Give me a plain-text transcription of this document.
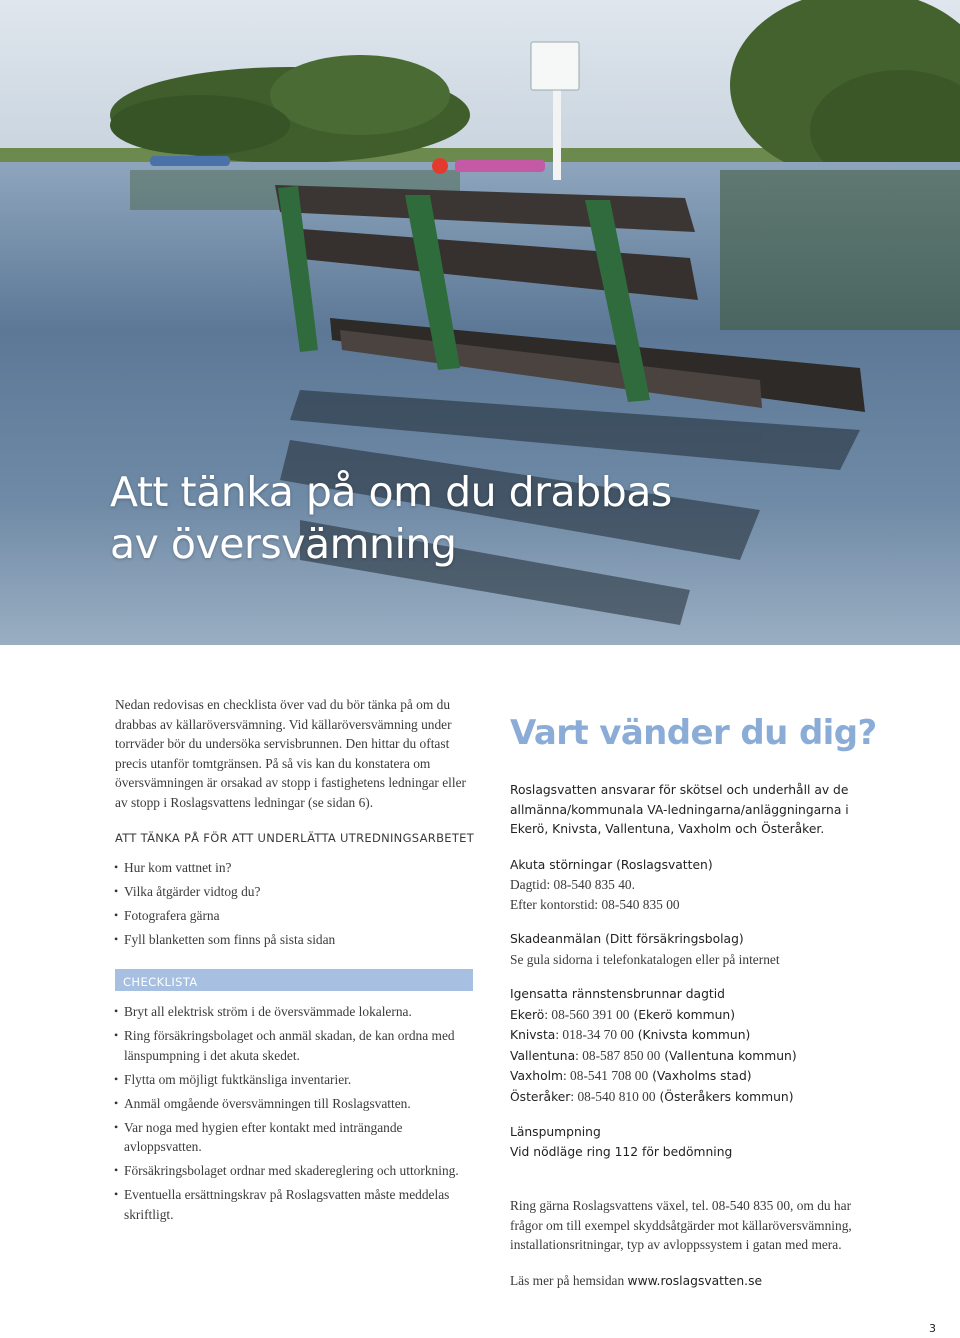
Att tänka på om du drabbas
av översvämning

Nedan redovisas en checklista över vad du bör tänka på om du drabbas av källaröversvämning. Vid källaröversvämning under torrväder bör du undersöka servisbrunnen. Den hittar du oftast precis utanför tomtgränsen. På så vis kan du konstatera om översvämningen är orsakad av stopp i fastighetens ledningar eller av stopp i Roslagsvattens ledningar (se sidan 6).

ATT TÄNKA PÅ FÖR ATT UNDERLÄTTA UTREDNINGSARBETET
• Hur kom vattnet in?
• Vilka åtgärder vidtog du?
• Fotografera gärna
• Fyll blanketten som finns på sista sidan
CHECKLISTA
• Bryt all elektrisk ström i de översvämmade lokalerna.
• Ring försäkringsbolaget och anmäl skadan, de kan ordna med länspumpning i det akuta skedet.
• Flytta om möjligt fuktkänsliga inventarier.
• Anmäl omgående översvämningen till Roslagsvatten.
• Var noga med hygien efter kontakt med inträngande avloppsvatten.
• Försäkringsbolaget ordnar med skadereglering och uttorkning.
• Eventuella ersättningskrav på Roslagsvatten måste meddelas skriftligt.
Vart vänder du dig?

Roslagsvatten ansvarar för skötsel och underhåll av de allmänna/kommunala VA-ledningarna/anläggningarna i Ekerö, Knivsta, Vallentuna, Vaxholm och Österåker.

Akuta störningar (Roslagsvatten)
Dagtid: 08-540 835 40.
Efter kontorstid: 08-540 835 00
Skadeanmälan (Ditt försäkringsbolag)
Se gula sidorna i telefonkatalogen eller på internet
Igensatta rännstensbrunnar dagtid
Ekerö: 08-560 391 00 (Ekerö kommun)
Knivsta: 018-34 70 00 (Knivsta kommun)
Vallentuna: 08-587 850 00 (Vallentuna kommun)
Vaxholm: 08-541 708 00 (Vaxholms stad)
Österåker: 08-540 810 00 (Österåkers kommun)
Länspumpning
Vid nödläge ring 112 för bedömning

Ring gärna Roslagsvattens växel, tel. 08-540 835 00, om du har frågor om till exempel skyddsåtgärder mot källaröversvämning, installationsritningar, typ av avloppssystem i gatan med mera.

Läs mer på hemsidan www.roslagsvatten.se

3
